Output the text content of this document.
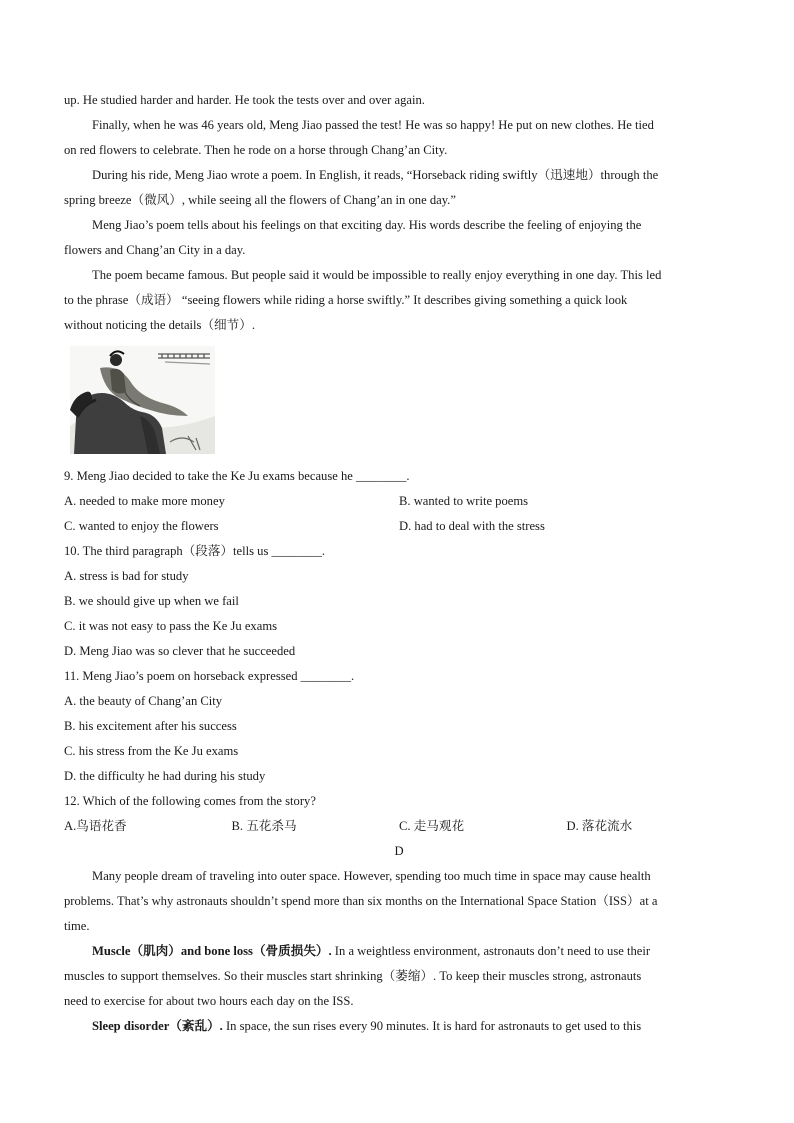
up. He studied harder and harder. He took the tests over and over again.
Finally, when he was 46 years old, Meng Jiao passed the test! He was so happy! He put on new clothes. He tied
on red flowers to celebrate. Then he rode on a horse through Chang’an City.
During his ride, Meng Jiao wrote a poem. In English, it reads, “Horseback riding swiftly（迅速地）through the
spring breeze（微风）, while seeing all the flowers of Chang’an in one day.”
Meng Jiao’s poem tells about his feelings on that exciting day. His words describe the feeling of enjoying the
flowers and Chang’an City in a day.
The poem became famous. But people said it would be impossible to really enjoy everything in one day. This led
to the phrase（成语） “seeing flowers while riding a horse swiftly.” It describes giving something a quick look
without noticing the details（细节）.
9. Meng Jiao decided to take the Ke Ju exams because he ________.
A. needed to make more money	B. wanted to write poems
C. wanted to enjoy the flowers	D. had to deal with the stress
10. The third paragraph（段落）tells us ________.
A. stress is bad for study
B. we should give up when we fail
C. it was not easy to pass the Ke Ju exams
D. Meng Jiao was so clever that he succeeded
11. Meng Jiao’s poem on horseback expressed ________.
A. the beauty of Chang’an City
B. his excitement after his success
C. his stress from the Ke Ju exams
D. the difficulty he had during his study
12. Which of the following comes from the story?
A.鸟语花香	B. 五花杀马	C. 走马观花	D. 落花流水
D
Many people dream of traveling into outer space. However, spending too much time in space may cause health
problems. That’s why astronauts shouldn’t spend more than six months on the International Space Station（ISS）at a
time.
Muscle（肌肉）and bone loss（骨质损失）. In a weightless environment, astronauts don’t need to use their
muscles to support themselves. So their muscles start shrinking（萎缩）. To keep their muscles strong, astronauts
need to exercise for about two hours each day on the ISS.
Sleep disorder（紊乱）. In space, the sun rises every 90 minutes. It is hard for astronauts to get used to this
